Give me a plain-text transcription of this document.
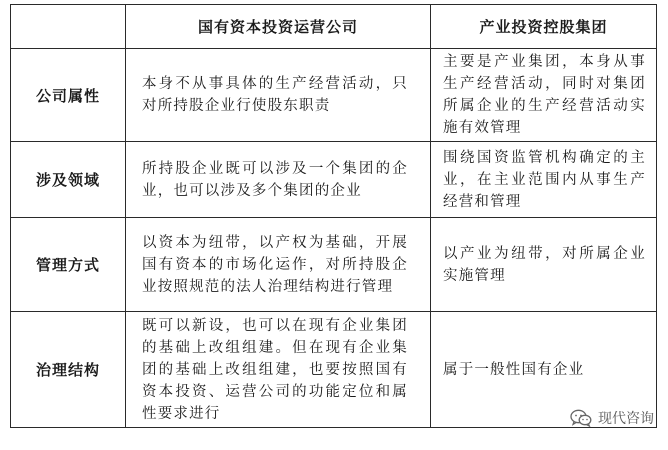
	国有资本投资运营公司	产业投资控股集团
公司属性	本身不从事具体的生产经营活动，只对所持股企业行使股东职责	主要是产业集团，本身从事生产经营活动，同时对集团所属企业的生产经营活动实施有效管理
涉及领域	所持股企业既可以涉及一个集团的企业，也可以涉及多个集团的企业	围绕国资监管机构确定的主业，在主业范围内从事生产经营和管理
管理方式	以资本为纽带，以产权为基础，开展国有资本的市场化运作，对所持股企业按照规范的法人治理结构进行管理	以产业为纽带，对所属企业实施管理
治理结构	既可以新设，也可以在现有企业集团的基础上改组组建。但在现有企业集团的基础上改组组建，也要按照国有资本投资、运营公司的功能定位和属性要求进行	属于一般性国有企业
现代咨询
